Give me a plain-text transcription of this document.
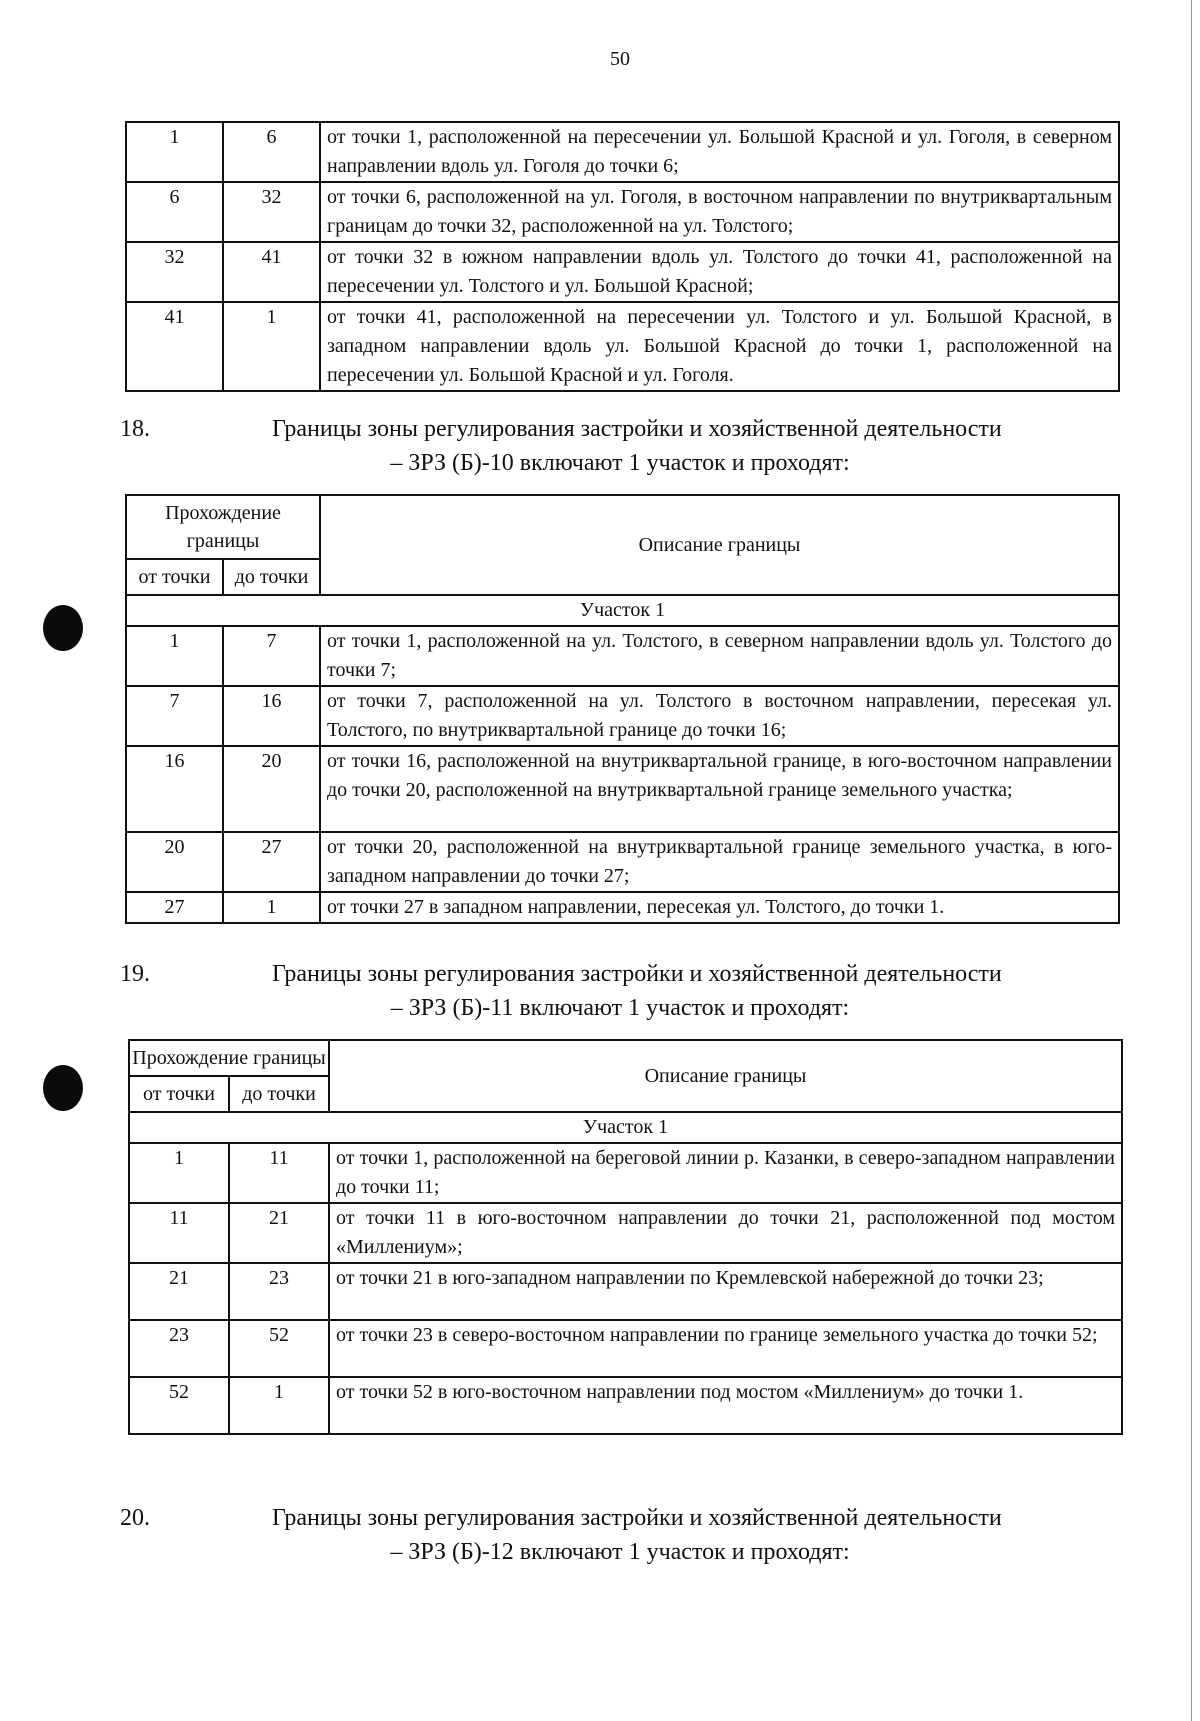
50
1	6	от точки 1, расположенной на пересечении ул. Большой Красной и ул. Гоголя, в северном направлении вдоль ул. Гоголя до точки 6;
6	32	от точки 6, расположенной на ул. Гоголя, в восточном направлении по внутриквартальным границам до точки 32, расположенной на ул. Толстого;
32	41	от точки 32 в южном направлении вдоль ул. Толстого до точки 41, расположенной на пересечении ул. Толстого и ул. Большой Красной;
41	1	от точки 41, расположенной на пересечении ул. Толстого и ул. Большой Красной, в западном направлении вдоль ул. Большой Красной до точки 1, расположенной на пересечении ул. Большой Красной и ул. Гоголя.
18.	Границы зоны регулирования застройки и хозяйственной деятельности
– ЗРЗ (Б)-10 включают 1 участок и проходят:
Прохождение границы		Описание границы
от точки	до точки	
Участок 1		
1	7	от точки 1, расположенной на ул. Толстого, в северном направлении вдоль ул. Толстого до точки 7;
7	16	от точки 7, расположенной на ул. Толстого в восточном направлении, пересекая ул. Толстого, по внутриквартальной границе до точки 16;
16	20	от точки 16, расположенной на внутриквартальной границе, в юго-восточном направлении до точки 20, расположенной на внутриквартальной границе земельного участка;
20	27	от точки 20, расположенной на внутриквартальной границе земельного участка, в юго-западном направлении до точки 27;
27	1	от точки 27 в западном направлении, пересекая ул. Толстого, до точки 1.
19.	Границы зоны регулирования застройки и хозяйственной деятельности
– ЗРЗ (Б)-11 включают 1 участок и проходят:
Прохождение границы		Описание границы
от точки	до точки	
Участок 1		
1	11	от точки 1, расположенной на береговой линии р. Казанки, в северо-западном направлении до точки 11;
11	21	от точки 11 в юго-восточном направлении до точки 21, расположенной под мостом «Миллениум»;
21	23	от точки 21 в юго-западном направлении по Кремлевской набережной до точки 23;
23	52	от точки 23 в северо-восточном направлении по границе земельного участка до точки 52;
52	1	от точки 52 в юго-восточном направлении под мостом «Миллениум» до точки 1.
20.	Границы зоны регулирования застройки и хозяйственной деятельности
– ЗРЗ (Б)-12 включают 1 участок и проходят:
